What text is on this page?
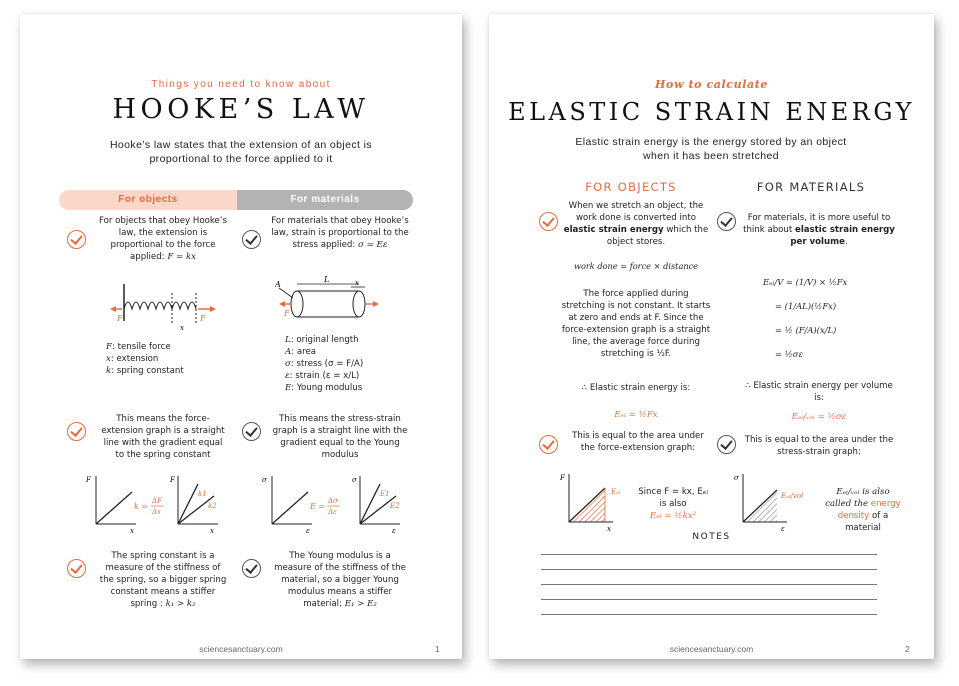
Things you need to know about
HOOKE’S LAW
Hooke’s law states that the extension of an object is proportional to the force applied to it
For objects	For materials
For objects that obey Hooke’s law, the extension is proportional to the force applied: F = kx
For materials that obey Hooke’s law, strain is proportional to the stress applied: σ = Eε
F	F
x
A
L	x
F
F: tensile force
x: extension
k: spring constant
L: original length
A: area
σ: stress (σ = F/A)
ε: strain (ε = x/L)
E: Young modulus
This means the force-extension graph is a straight line with the gradient equal to the spring constant
This means the stress-strain graph is a straight line with the gradient equal to the Young modulus
F
x
k =
ΔF
Δx
F
x
k1
k2
σ
ε
E =
Δσ
Δε
σ
ε
E1
E2
The spring constant is a measure of the stiffness of the spring, so a bigger spring constant means a stiffer spring : k₁ > k₂
The Young modulus is a measure of the stiffness of the material, so a bigger Young modulus means a stiffer material: E₁ > E₂
sciencesanctuary.com	1
How to calculate
ELASTIC STRAIN ENERGY
Elastic strain energy is the energy stored by an object when it has been stretched
FOR OBJECTS	FOR MATERIALS
When we stretch an object, the work done is converted into elastic strain energy which the object stores.
work done = force × distance
The force applied during stretching is not constant. It starts at zero and ends at F. Since the force-extension graph is a straight line, the average force during stretching is ½F.
∴ Elastic strain energy is:
Eₑₗ = ½Fx
This is equal to the area under the force-extension graph:
F
x
Eₑₗ	Since F = kx, Eₑₗ is also
Eₑₗ = ½kx²
For materials, it is more useful to think about elastic strain energy per volume.
Eₑₗ/V = (1/V) × ½Fx
= (1/AL)(½Fx)
= ½ (F/A)(x/L)
= ½σε
∴ Elastic strain energy per volume is:
Eₑₗ/ᵥₒₗ = ½σε
This is equal to the area under the stress-strain graph:
σ
ε
Eₑₗ/vol	Eₑₗ/ᵥₒₗ is also called the energy density of a material
NOTES
sciencesanctuary.com	2
